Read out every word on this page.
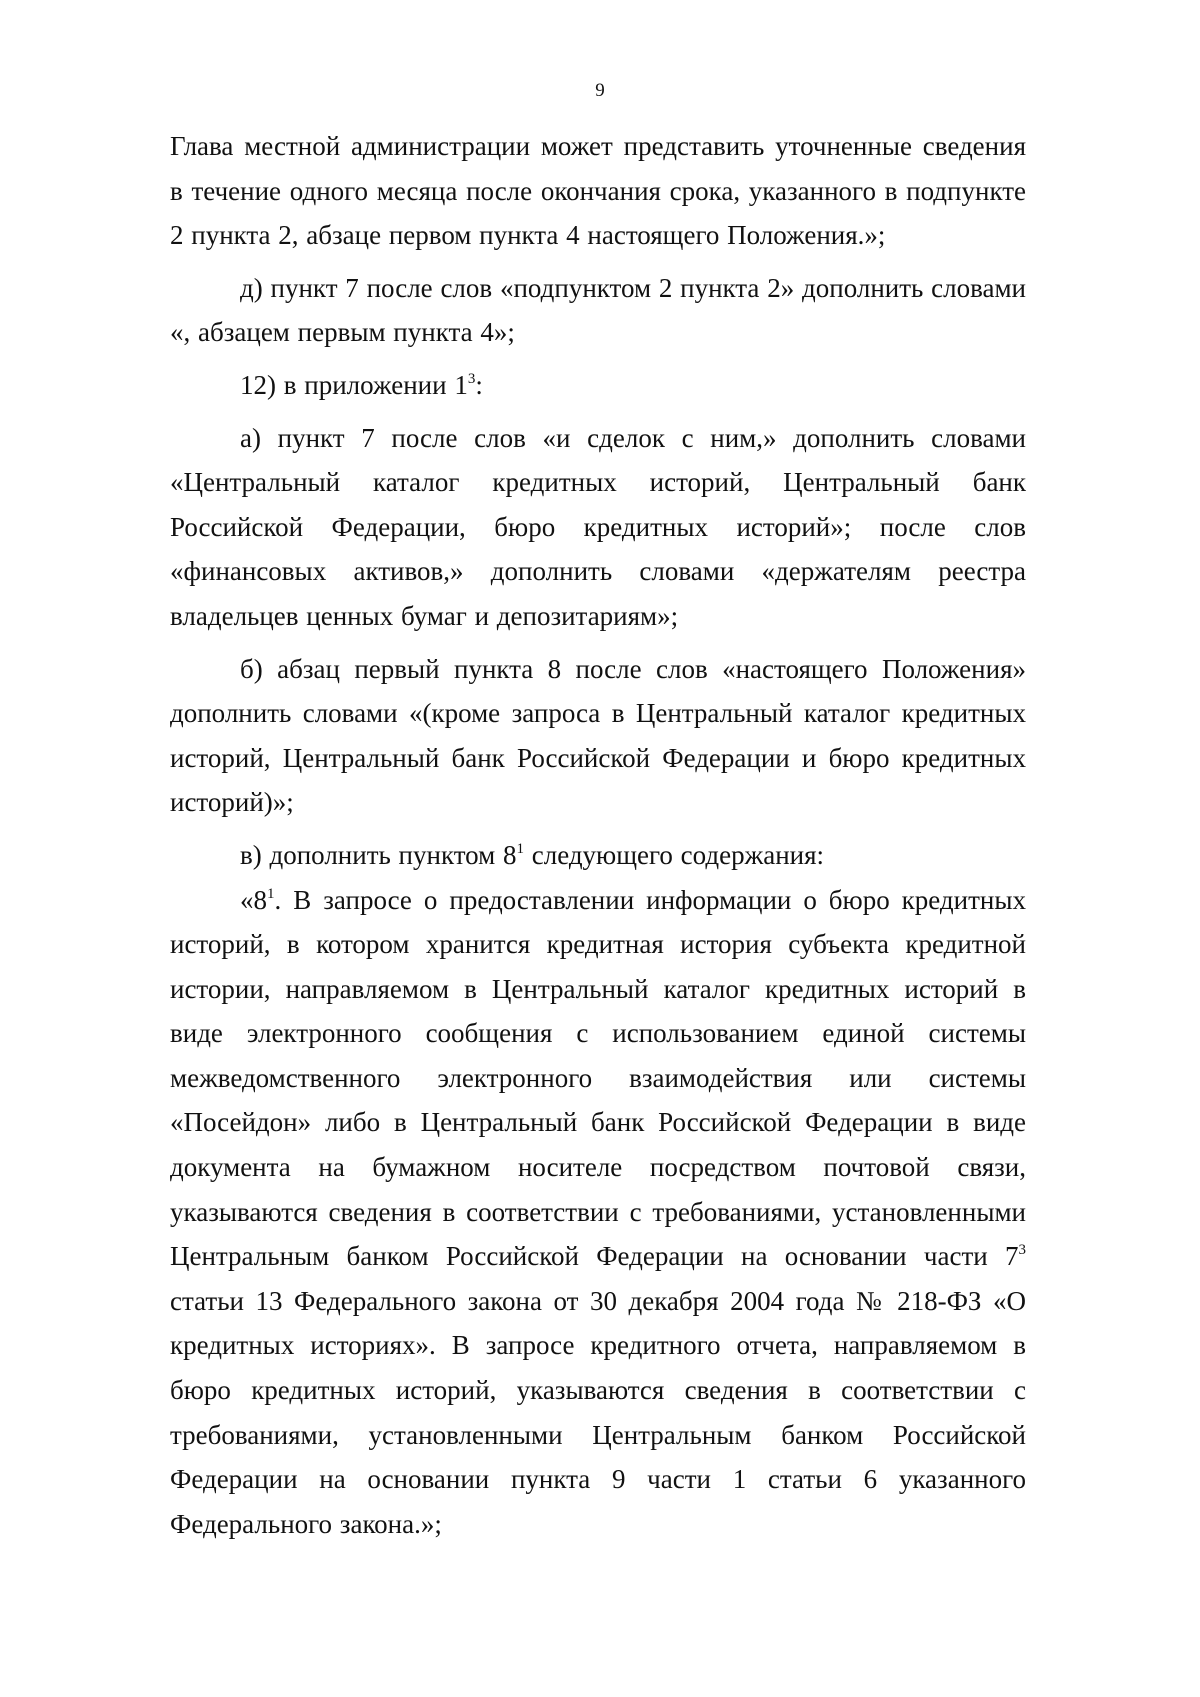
9

Глава местной администрации может представить уточненные сведения в течение одного месяца после окончания срока, указанного в подпункте 2 пункта 2, абзаце первом пункта 4 настоящего Положения.»;

д) пункт 7 после слов «подпунктом 2 пункта 2» дополнить словами «, абзацем первым пункта 4»;

12) в приложении $1^3$:

а) пункт 7 после слов «и сделок с ним,» дополнить словами «Центральный каталог кредитных историй, Центральный банк Российской Федерации, бюро кредитных историй»; после слов «финансовых активов,» дополнить словами «держателям реестра владельцев ценных бумаг и депозитариям»;

б) абзац первый пункта 8 после слов «настоящего Положения» дополнить словами «(кроме запроса в Центральный каталог кредитных историй, Центральный банк Российской Федерации и бюро кредитных историй)»;

в) дополнить пунктом $8^1$ следующего содержания:

«$8^1$. В запросе о предоставлении информации о бюро кредитных историй, в котором хранится кредитная история субъекта кредитной истории, направляемом в Центральный каталог кредитных историй в виде электронного сообщения с использованием единой системы межведомственного электронного взаимодействия или системы «Посейдон» либо в Центральный банк Российской Федерации в виде документа на бумажном носителе посредством почтовой связи, указываются сведения в соответствии с требованиями, установленными Центральным банком Российской Федерации на основании части $7^3$ статьи 13 Федерального закона от 30 декабря 2004 года № 218-ФЗ «О кредитных историях». В запросе кредитного отчета, направляемом в бюро кредитных историй, указываются сведения в соответствии с требованиями, установленными Центральным банком Российской Федерации на основании пункта 9 части 1 статьи 6 указанного Федерального закона.»;
